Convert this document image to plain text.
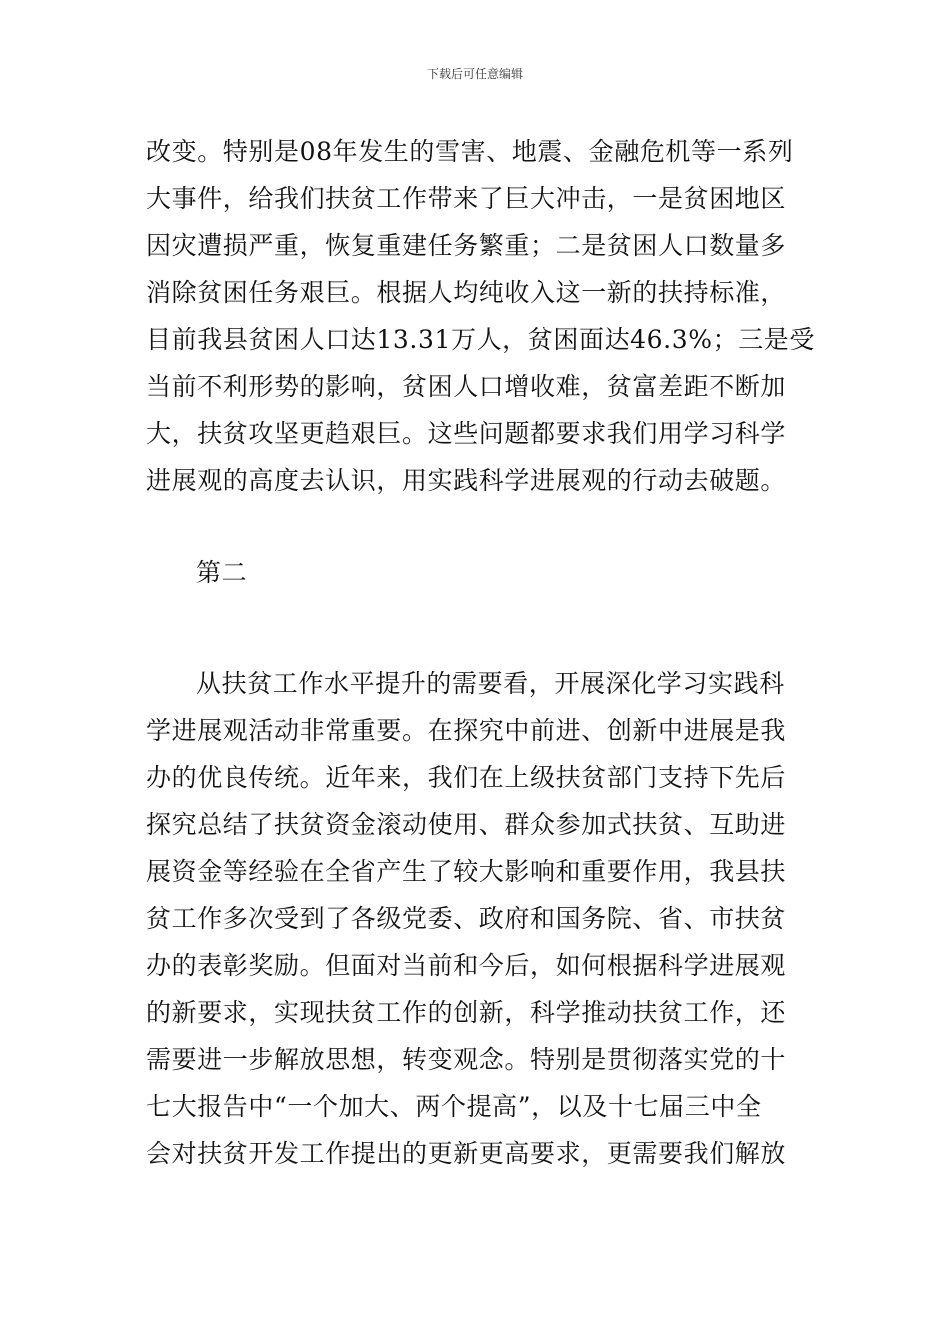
下载后可任意编辑
改变。特别是08年发生的雪害、地震、金融危机等一系列
大事件，给我们扶贫工作带来了巨大冲击，一是贫困地区
因灾遭损严重，恢复重建任务繁重；二是贫困人口数量多
消除贫困任务艰巨。根据人均纯收入这一新的扶持标准，
目前我县贫困人口达13.31万人，贫困面达46.3%；三是受
当前不利形势的影响，贫困人口增收难，贫富差距不断加
大，扶贫攻坚更趋艰巨。这些问题都要求我们用学习科学
进展观的高度去认识，用实践科学进展观的行动去破题。
第二
从扶贫工作水平提升的需要看，开展深化学习实践科
学进展观活动非常重要。在探究中前进、创新中进展是我
办的优良传统。近年来，我们在上级扶贫部门支持下先后
探究总结了扶贫资金滚动使用、群众参加式扶贫、互助进
展资金等经验在全省产生了较大影响和重要作用，我县扶
贫工作多次受到了各级党委、政府和国务院、省、市扶贫
办的表彰奖励。但面对当前和今后，如何根据科学进展观
的新要求，实现扶贫工作的创新，科学推动扶贫工作，还
需要进一步解放思想，转变观念。特别是贯彻落实党的十
七大报告中“一个加大、两个提高”，以及十七届三中全
会对扶贫开发工作提出的更新更高要求，更需要我们解放
